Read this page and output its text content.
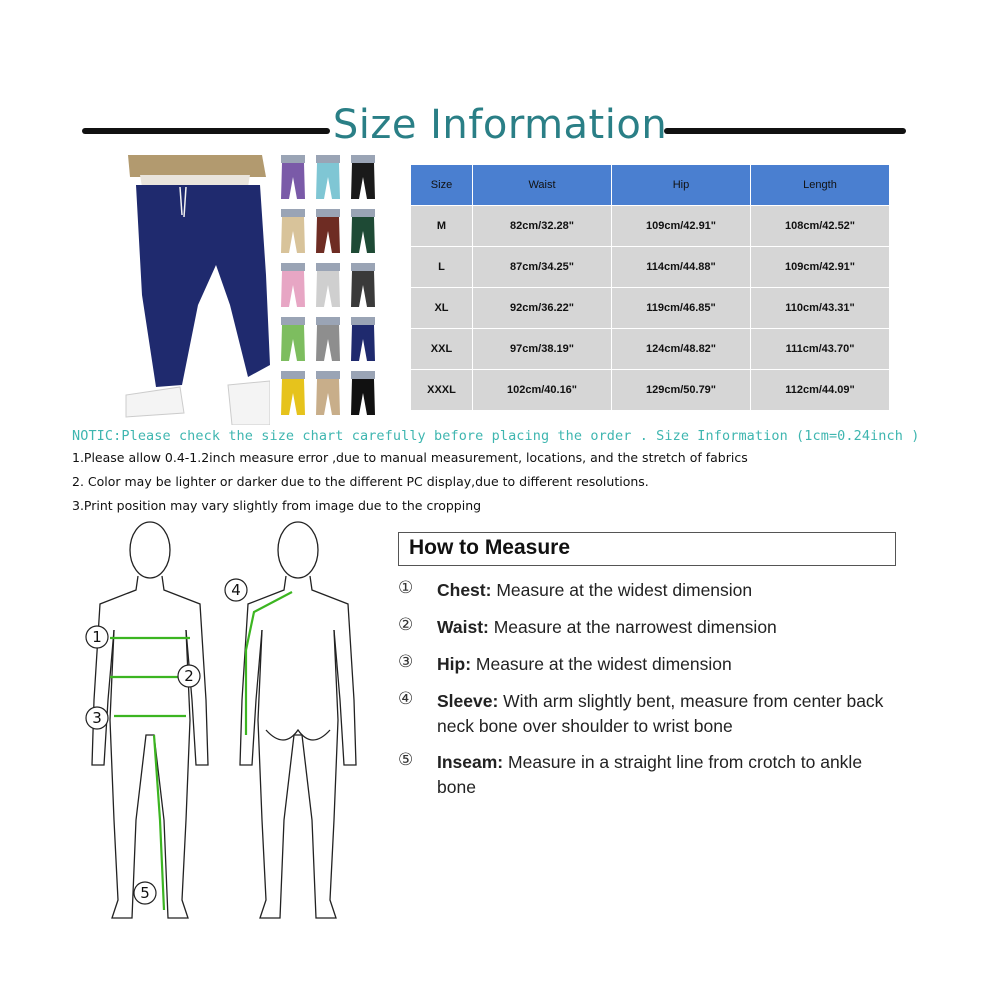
Size Information
Size	Waist	Hip	Length
M	82cm/32.28"	109cm/42.91"	108cm/42.52"
L	87cm/34.25"	114cm/44.88"	109cm/42.91"
XL	92cm/36.22"	119cm/46.85"	110cm/43.31"
XXL	97cm/38.19"	124cm/48.82"	111cm/43.70"
XXXL	102cm/40.16"	129cm/50.79"	112cm/44.09"
NOTIC:Please check the size chart carefully before placing the order . Size Information (1cm=0.24inch )
1.Please allow 0.4-1.2inch measure error ,due to manual measurement, locations, and the stretch of fabrics
2. Color may be lighter or darker due to the different PC display,due to different resolutions.
3.Print position may vary slightly from image due to the cropping
1
2
3
4
5
How to Measure
① Chest: Measure at the widest dimension
② Waist: Measure at the narrowest dimension
③ Hip: Measure at the widest dimension
④ Sleeve: With arm slightly bent, measure from center back neck bone over shoulder to wrist bone
⑤ Inseam: Measure in a straight line from crotch to ankle bone
